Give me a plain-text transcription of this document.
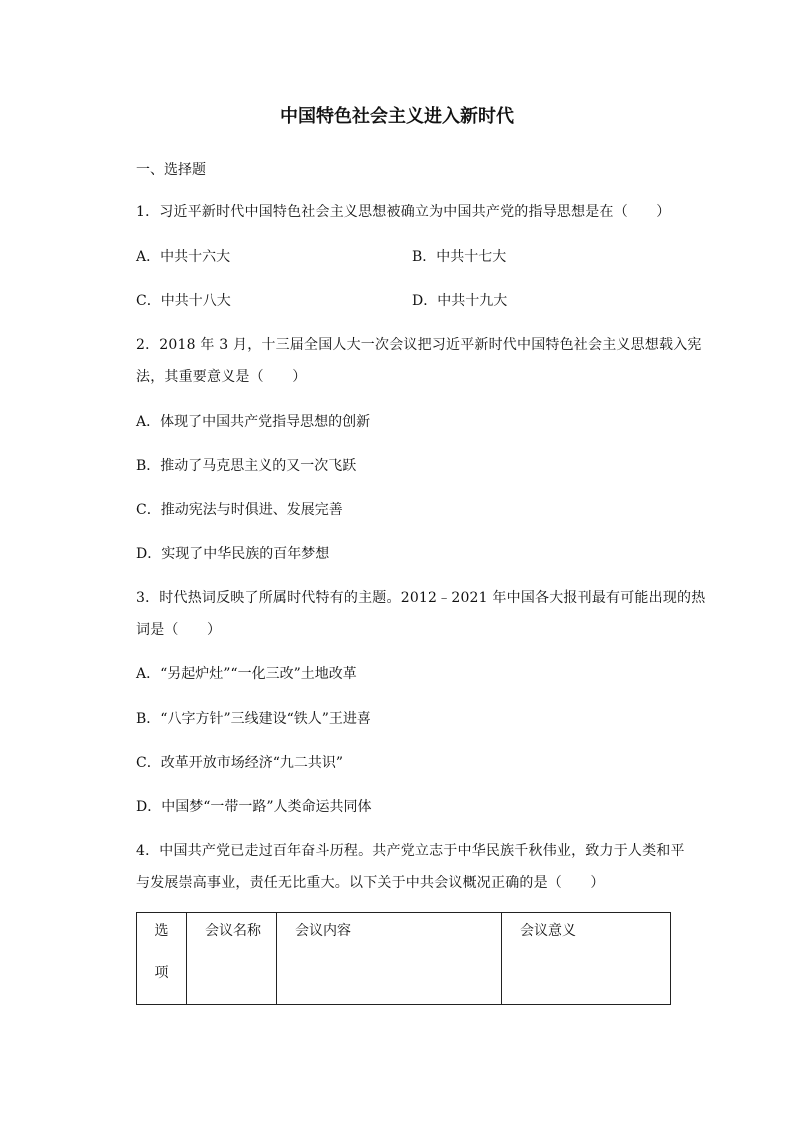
中国特色社会主义进入新时代
一、选择题
1．习近平新时代中国特色社会主义思想被确立为中国共产党的指导思想是在（　　）
A．中共十六大	B．中共十七大
C．中共十八大	D．中共十九大
2．2018 年 3 月，十三届全国人大一次会议把习近平新时代中国特色社会主义思想载入宪
法，其重要意义是（　　）
A．体现了中国共产党指导思想的创新
B．推动了马克思主义的又一次飞跃
C．推动宪法与时俱进、发展完善
D．实现了中华民族的百年梦想
3．时代热词反映了所属时代特有的主题。2012﹣2021 年中国各大报刊最有可能出现的热
词是（　　）
A．“另起炉灶”“一化三改”土地改革
B．“八字方针”三线建设“铁人”王进喜
C．改革开放市场经济“九二共识”
D．中国梦“一带一路”人类命运共同体
4．中国共产党已走过百年奋斗历程。共产党立志于中华民族千秋伟业，致力于人类和平
与发展崇高事业，责任无比重大。以下关于中共会议概况正确的是（　　）
选
项
	会议名称	会议内容	会议意义
